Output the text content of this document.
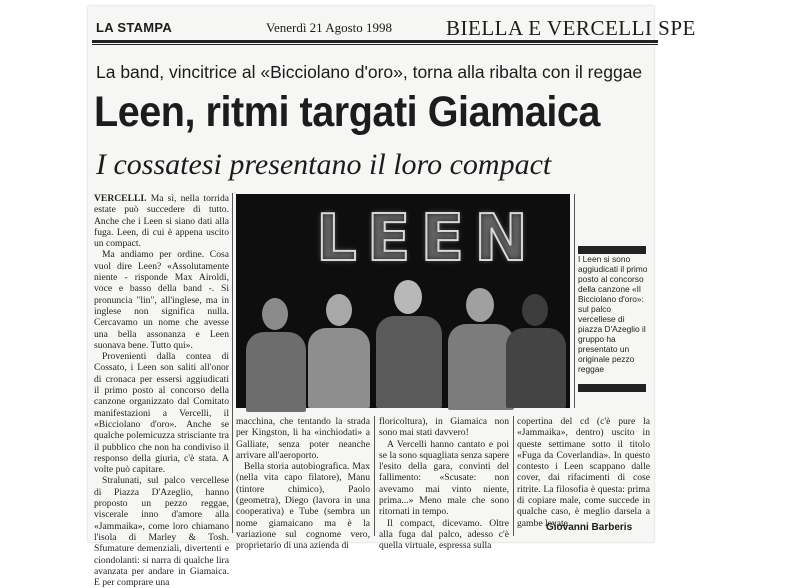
LA STAMPA	Venerdì 21 Agosto 1998	BIELLA E VERCELLI SPE
La band, vincitrice al «Bicciolano d'oro», torna alla ribalta con il reggae
Leen, ritmi targati Giamaica
I cossatesi presentano il loro compact

VERCELLI. Ma sì, nella torrida estate può succedere di tutto. Anche che i Leen si siano dati alla fuga. Leen, di cui è appena uscito un compact.

Ma andiamo per ordine. Cosa vuol dire Leen? «Assolutamente niente - risponde Max Airoldi, voce e basso della band -. Si pronuncia "lin", all'inglese, ma in inglese non significa nulla. Cercavamo un nome che avesse una bella assonanza e Leen suonava bene. Tutto qui».

Provenienti dalla contea di Cossato, i Leen son saliti all'onor di cronaca per essersi aggiudicati il primo posto al concorso della canzone organizzato dal Comitato manifestazioni a Vercelli, il «Bicciolano d'oro». Anche se qualche polemicuzza strisciante tra il pubblico che non ha condiviso il responso della giuria, c'è stata. A volte può capitare.

Stralunati, sul palco vercellese di Piazza D'Azeglio, hanno proposto un pezzo reggae, viscerale inno d'amore alla «Jammaika», come loro chiamano l'isola di Marley & Tosh. Sfumature demenziali, divertenti e ciondolanti: si narra di qualche lira avanzata per andare in Giamaica. E per comprare una

LEEN	I Leen si sono aggiudicati il primo posto al concorso della canzone «Il Bicciolano d'oro»: sul palco vercellese di piazza D'Azeglio il gruppo ha presentato un originale pezzo reggae

macchina, che tentando la strada per Kingston, li ha «inchiodati» a Galliate, senza poter neanche arrivare all'aeroporto.

Bella storia autobiografica. Max (nella vita capo filatore), Manu (tintore chimico), Paolo (geometra), Diego (lavora in una cooperativa) e Tube (sembra un nome giamaicano ma è la variazione sul cognome vero, proprietario di una azienda di

floricoltura), in Giamaica non sono mai stati davvero!

A Vercelli hanno cantato e poi se la sono squagliata senza sapere l'esito della gara, convinti del fallimento: «Scusate: non avevamo mai vinto niente, prima...» Meno male che sono ritornati in tempo.

Il compact, dicevamo. Oltre alla fuga dal palco, adesso c'è quella virtuale, espressa sulla

copertina del cd (c'è pure la «Jammaika», dentro) uscito in queste settimane sotto il titolo «Fuga da Coverlandia». In questo contesto i Leen scappano dalle cover, dai rifacimenti di cose ritrite. La filosofia è questa: prima di copiare male, come succede in qualche caso, è meglio darsela a gambe levate.

Giovanni Barberis
